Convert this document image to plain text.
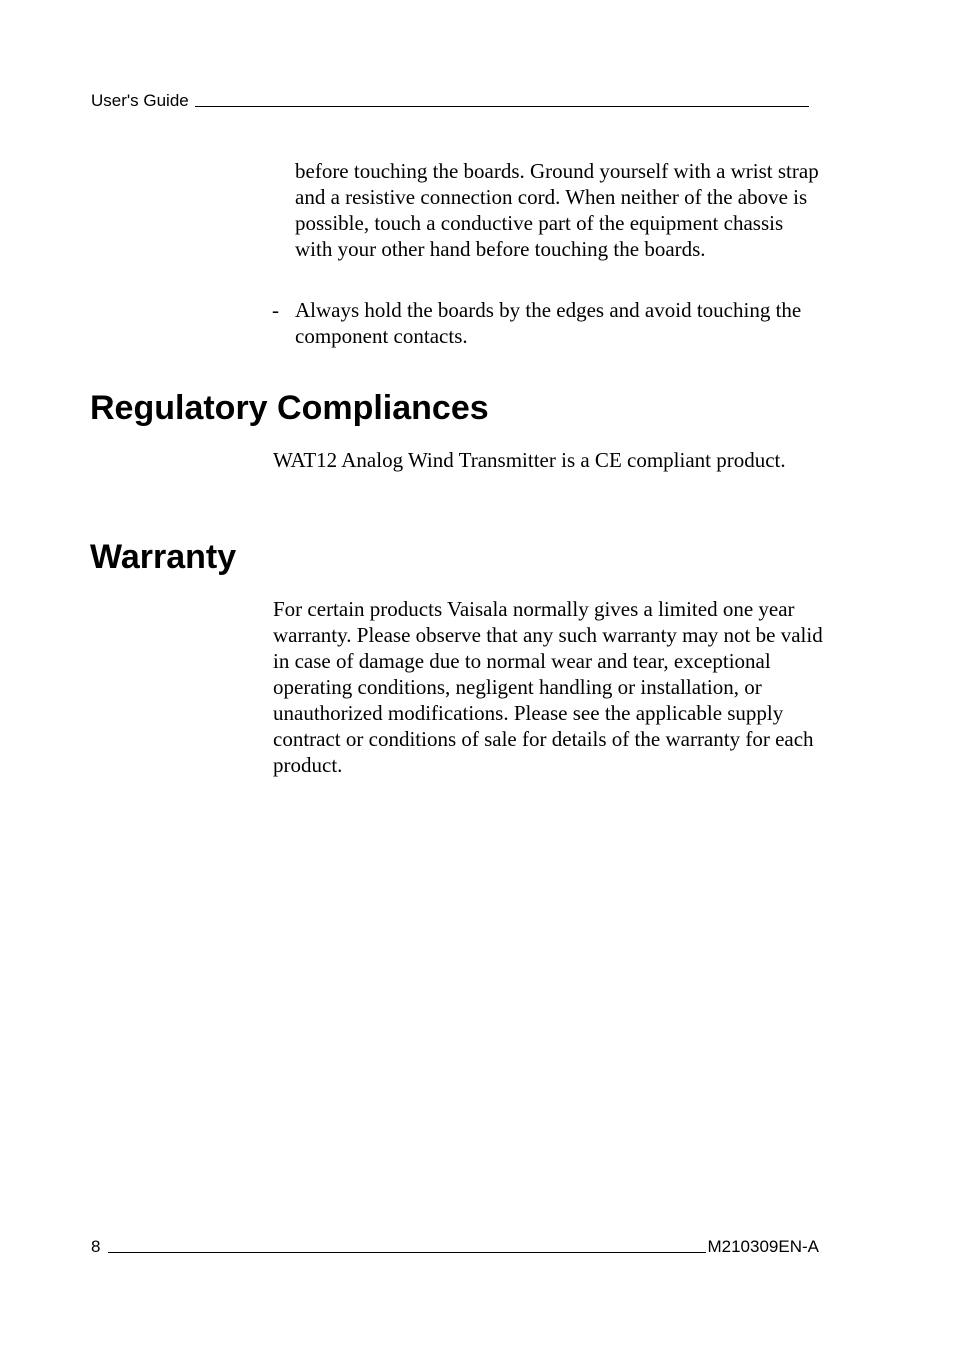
User's Guide

before touching the boards. Ground yourself with a wrist strap and a resistive connection cord. When neither of the above is possible, touch a conductive part of the equipment chassis with your other hand before touching the boards.

- Always hold the boards by the edges and avoid touching the component contacts.

Regulatory Compliances

WAT12 Analog Wind Transmitter is a CE compliant product.

Warranty

For certain products Vaisala normally gives a limited one year warranty. Please observe that any such warranty may not be valid in case of damage due to normal wear and tear, exceptional operating conditions, negligent handling or installation, or unauthorized modifications. Please see the applicable supply contract or conditions of sale for details of the warranty for each product.

8	M210309EN-A
